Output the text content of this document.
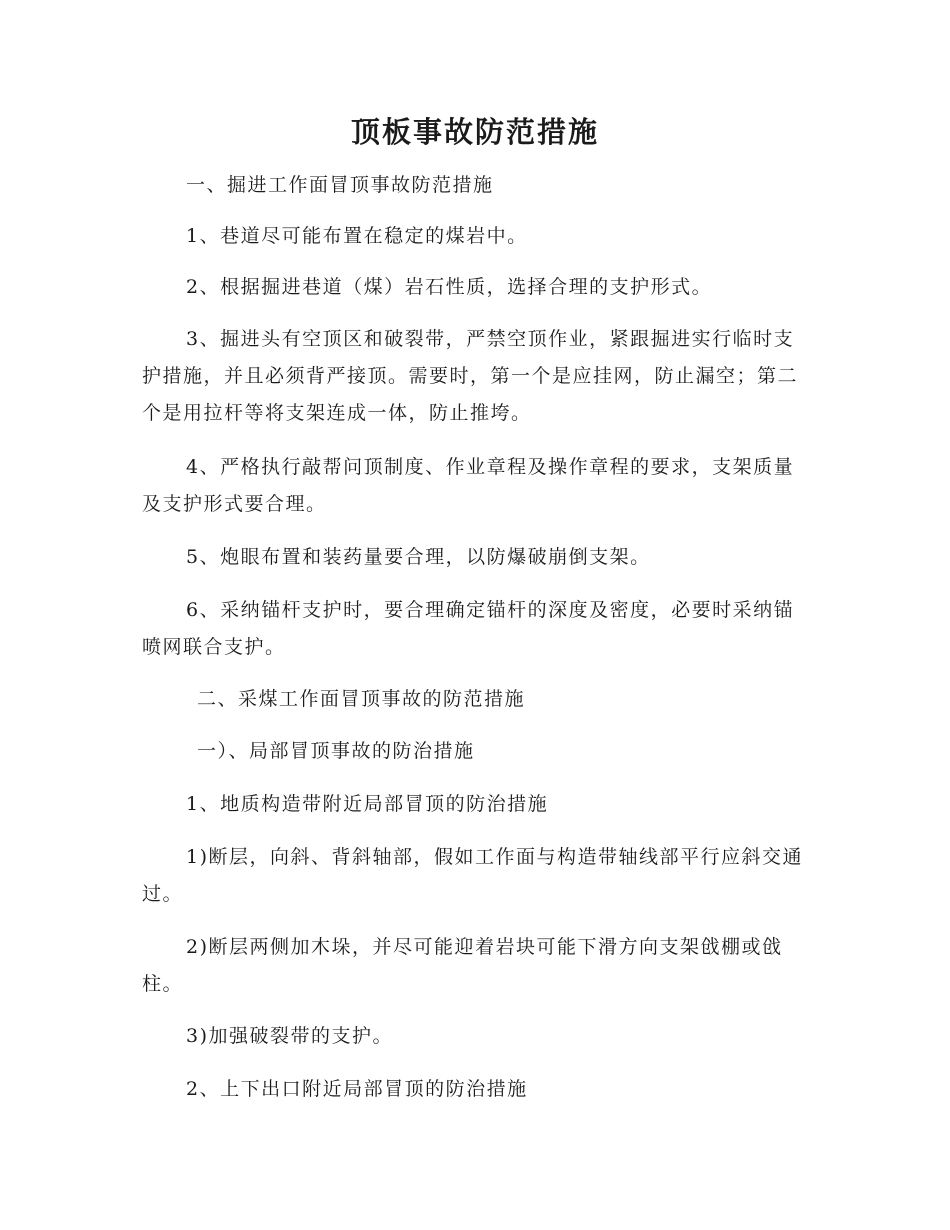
顶板事故防范措施
一、掘进工作面冒顶事故防范措施
1、巷道尽可能布置在稳定的煤岩中。
2、根据掘进巷道（煤）岩石性质，选择合理的支护形式。
3、掘进头有空顶区和破裂带，严禁空顶作业，紧跟掘进实行临时支护措施，并且必须背严接顶。需要时，第一个是应挂网，防止漏空；第二个是用拉杆等将支架连成一体，防止推垮。
4、严格执行敲帮问顶制度、作业章程及操作章程的要求，支架质量及支护形式要合理。
5、炮眼布置和装药量要合理，以防爆破崩倒支架。
6、采纳锚杆支护时，要合理确定锚杆的深度及密度，必要时采纳锚喷网联合支护。
二、采煤工作面冒顶事故的防范措施
一）、局部冒顶事故的防治措施
1、地质构造带附近局部冒顶的防治措施
1)断层，向斜、背斜轴部，假如工作面与构造带轴线部平行应斜交通过。
2)断层两侧加木垛，并尽可能迎着岩块可能下滑方向支架戗棚或戗柱。
3)加强破裂带的支护。
2、上下出口附近局部冒顶的防治措施
